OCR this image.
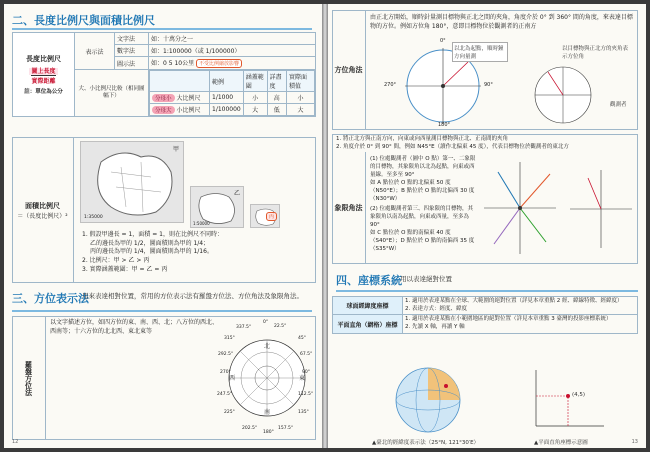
二、長度比例尺與面積比例尺
長度比例尺
圖上長度
實際距離
註：單位為公分
	表示法	文字法	如：十萬分之一
數字法	如：1:100000（或 1/100000）
圖示法	如：0 5 10公里 不受比例縮放影響
大、小比例尺比較（相同圖幅下）	
	範例	涵蓋範圍	詳盡度	實際面積值
分母小 大比例尺	1/1000	小	高	小
分母大 小比例尺	1/100000	大	低	大
面積比例尺
＝（長度比例尺）²
甲
1:35000
乙
1:50000
丙
1. 假設甲邊長 = 1，面積 = 1，則在比例尺不同時：
乙的邊長為甲的 1/2，圖面積則為甲的 1/4；
丙的邊長為甲的 1/4，圖面積則為甲的 1/16。
2. 比例尺：甲 > 乙 > 丙
3. 實際涵蓋範圍：甲 = 乙 = 丙
三、方位表示法
用來表達相對位置，常用的方位表示法有羅盤方位法、方位角法及象限角法。
羅盤方位法
以文字描述方位，如四方位的東、南、西、北；八方位的西北、西南等；十六方位的北北西、東北東等
北
東
南
西
0°
22.5°
337.5°
315°	45°
67.5°
292.5°
270°	90°
247.5°	112.5°
225°	135°
202.5°
180°
157.5°
12
方位角法
由正北方開始，順時針量測目標物與正北之間的夾角，角度介於 0° 到 360° 間的角度，來表達目標物的方位。例如方位角 180°，意即目標物位於觀測者的正南方
0°
90°
180°
270°
以北為起點，順時鐘方向量測
以目標物與正北方的夾角表示方位角
觀測者
象限角法
1. 將正北方與正南方向，向東或向西量測目標物與正北、正南間的夾角
2. 角度介於 0° 到 90° 間，例如 N45°E（讀作北偏東 45 度），代表目標物位於觀測者的東北方
(1) 位處觀測者（圖中 O 點）第一、二象限的目標物，其象限角以北為起點，向東或西量線。至多至 90°
如 A 點位於 O 點的北偏東 50 度（N50°E）；B 點位於 O 點的北偏西 30 度（N30°W）
(2) 位處觀測者第三、四象限的目標物，其象限角以南為起點，向東或西量，至多為 90°
如 C 點位於 O 點的南偏東 40 度（S40°E）；D 點位於 O 點的南偏西 35 度（S35°W）
四、座標系統
用以表達絕對位置
球面經緯度座標	1. 適用於表達某點在全球、大範圍的絕對位置（詳見本章重點 2 經、緯線特徵、經緯度）
2. 表達方式：經度、緯度

平面直角（網格）座標	1. 適用於表達某點在小範圍地區的絕對位置（詳見本章重點 3 臺灣的投影座標系統）
2. 先讀 X 軸，再讀 Y 軸
▲臺北的經緯度表示法（25°N, 121°30′E）
(4,5)
▲平面直角座標示意圖	13
